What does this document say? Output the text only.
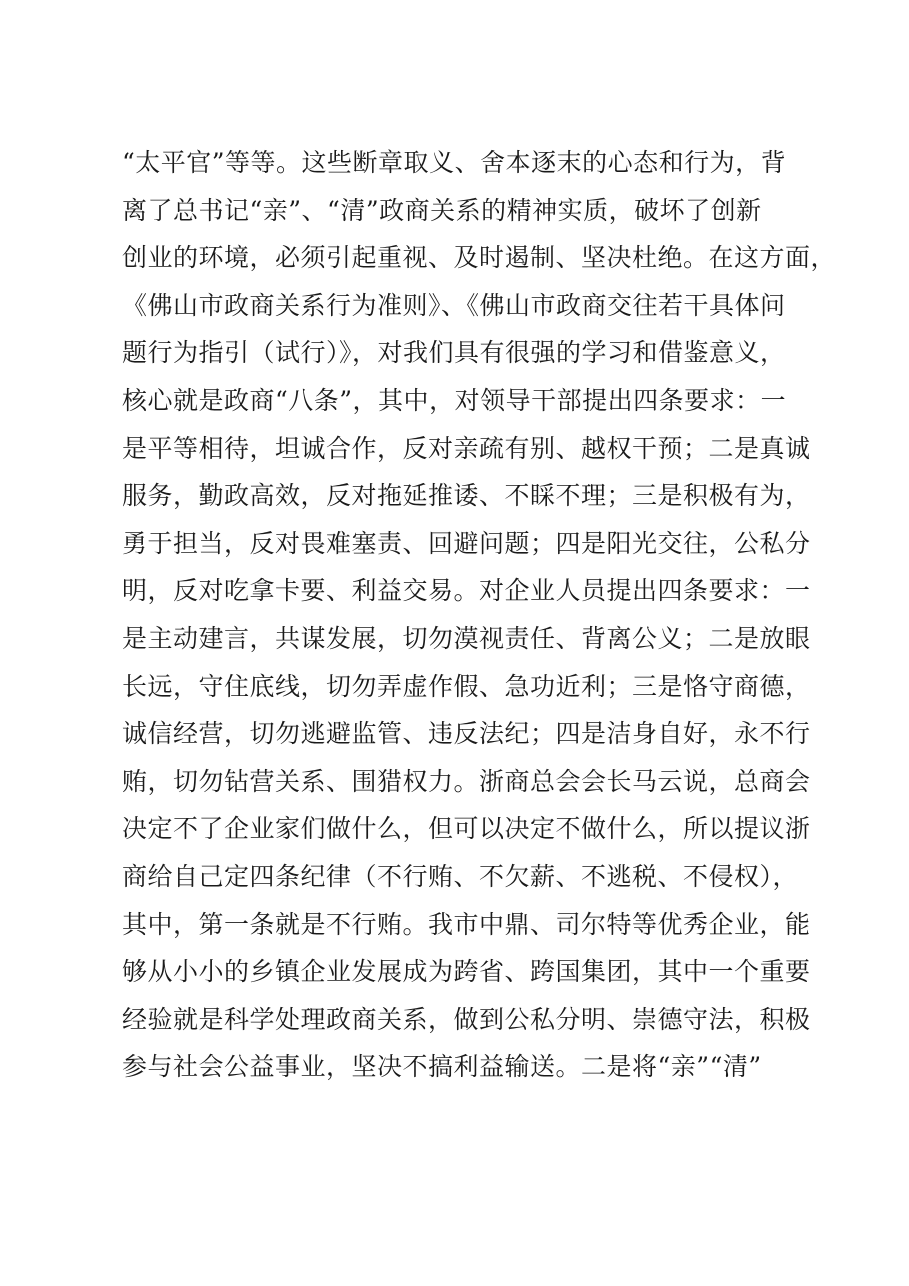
“太平官”等等。这些断章取义、舍本逐末的心态和行为，背
离了总书记“亲”、“清”政商关系的精神实质，破坏了创新
创业的环境，必须引起重视、及时遏制、坚决杜绝。在这方面，
《佛山市政商关系行为准则》、《佛山市政商交往若干具体问
题行为指引（试行）》，对我们具有很强的学习和借鉴意义，
核心就是政商“八条”，其中，对领导干部提出四条要求：一
是平等相待，坦诚合作，反对亲疏有别、越权干预；二是真诚
服务，勤政高效，反对拖延推诿、不睬不理；三是积极有为，
勇于担当，反对畏难塞责、回避问题；四是阳光交往，公私分
明，反对吃拿卡要、利益交易。对企业人员提出四条要求：一
是主动建言，共谋发展，切勿漠视责任、背离公义；二是放眼
长远，守住底线，切勿弄虚作假、急功近利；三是恪守商德，
诚信经营，切勿逃避监管、违反法纪；四是洁身自好，永不行
贿，切勿钻营关系、围猎权力。浙商总会会长马云说，总商会
决定不了企业家们做什么，但可以决定不做什么，所以提议浙
商给自己定四条纪律（不行贿、不欠薪、不逃税、不侵权），
其中，第一条就是不行贿。我市中鼎、司尔特等优秀企业，能
够从小小的乡镇企业发展成为跨省、跨国集团，其中一个重要
经验就是科学处理政商关系，做到公私分明、崇德守法，积极
参与社会公益事业，坚决不搞利益输送。二是将“亲”“清”
